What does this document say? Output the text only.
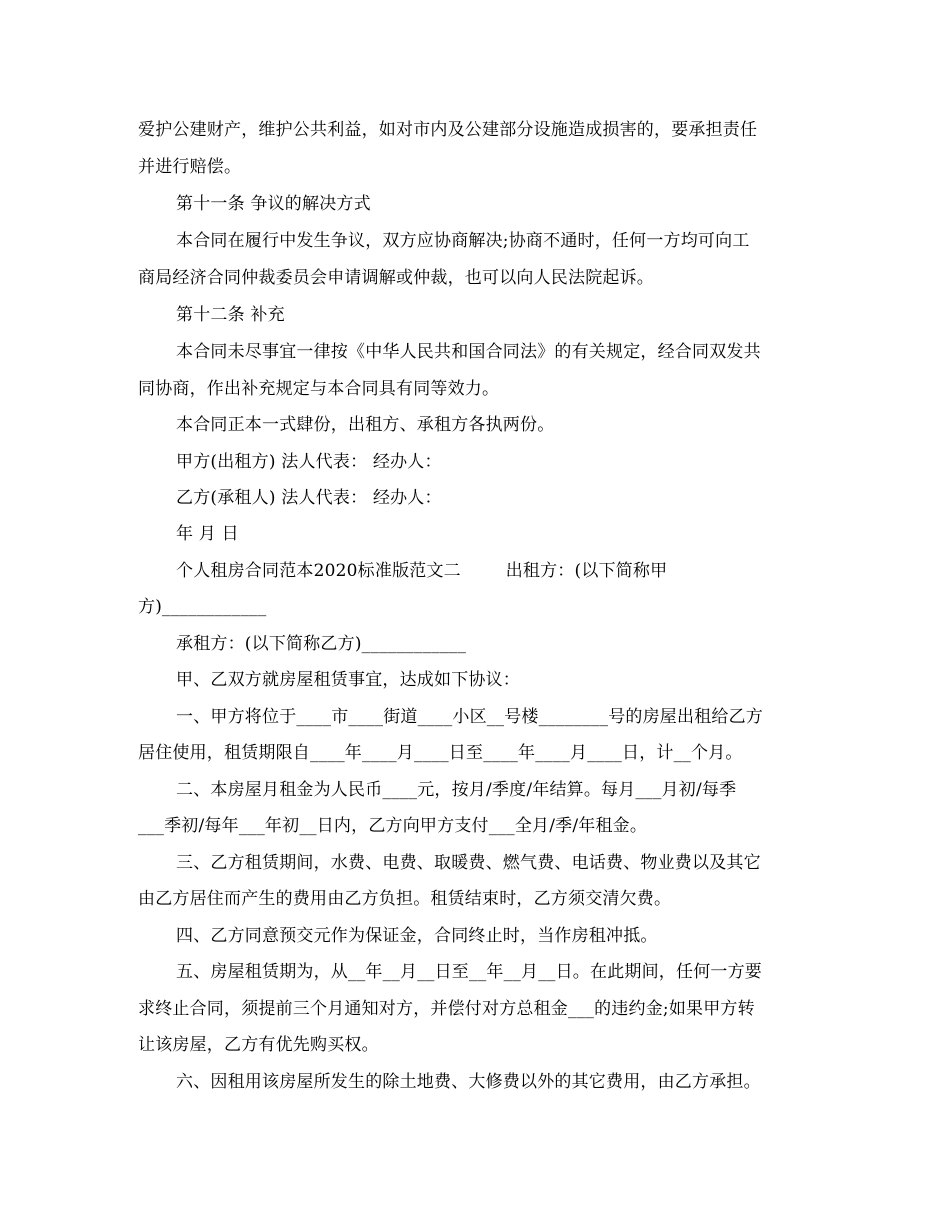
爱护公建财产，维护公共利益，如对市内及公建部分设施造成损害的，要承担责任
并进行赔偿。
第十一条 争议的解决方式
本合同在履行中发生争议，双方应协商解决;协商不通时，任何一方均可向工
商局经济合同仲裁委员会申请调解或仲裁，也可以向人民法院起诉。
第十二条 补充
本合同未尽事宜一律按《中华人民共和国合同法》的有关规定，经合同双发共
同协商，作出补充规定与本合同具有同等效力。
本合同正本一式肆份，出租方、承租方各执两份。
甲方(出租方) 法人代表： 经办人：
乙方(承租人) 法人代表： 经办人：
年 月 日
个人租房合同范本2020标准版范文二        出租方：(以下简称甲
方)____________
承租方：(以下简称乙方)____________
甲、乙双方就房屋租赁事宜，达成如下协议：
一、甲方将位于____市____街道____小区__号楼________号的房屋出租给乙方
居住使用，租赁期限自____年____月____日至____年____月____日，计__个月。
二、本房屋月租金为人民币____元，按月/季度/年结算。每月___月初/每季
___季初/每年___年初__日内，乙方向甲方支付___全月/季/年租金。
三、乙方租赁期间，水费、电费、取暖费、燃气费、电话费、物业费以及其它
由乙方居住而产生的费用由乙方负担。租赁结束时，乙方须交清欠费。
四、乙方同意预交元作为保证金，合同终止时，当作房租冲抵。
五、房屋租赁期为，从__年__月__日至__年__月__日。在此期间，任何一方要
求终止合同，须提前三个月通知对方，并偿付对方总租金___的违约金;如果甲方转
让该房屋，乙方有优先购买权。
六、因租用该房屋所发生的除土地费、大修费以外的其它费用，由乙方承担。
